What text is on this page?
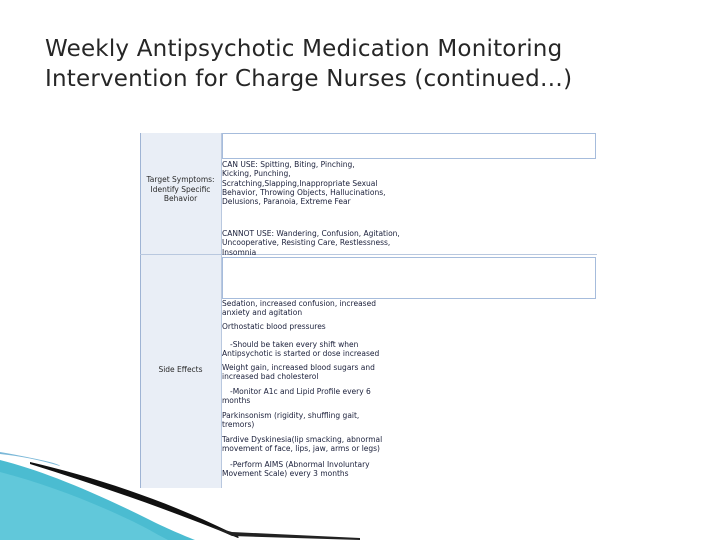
Weekly Antipsychotic Medication Monitoring
Intervention for Charge Nurses (continued…)
Target Symptoms:
Identify Specific
Behavior
CAN USE: Spitting, Biting, Pinching,
Kicking, Punching,
Scratching,Slapping,Inappropriate Sexual
Behavior, Throwing Objects, Hallucinations,
Delusions, Paranoia, Extreme Fear
CANNOT USE: Wandering, Confusion, Agitation,
Uncooperative, Resisting Care, Restlessness,
Insomnia
Side Effects
Sedation, increased confusion, increased
anxiety and agitation
Orthostatic blood pressures
-Should be taken every shift when
Antipsychotic is started or dose increased
Weight gain, increased blood sugars and
increased bad cholesterol
-Monitor A1c and Lipid Profile every 6
months
Parkinsonism (rigidity, shuffling gait,
tremors)
Tardive Dyskinesia(lip smacking, abnormal
movement of face, lips, jaw, arms or legs)
-Perform AIMS (Abnormal Involuntary
Movement Scale) every 3 months
